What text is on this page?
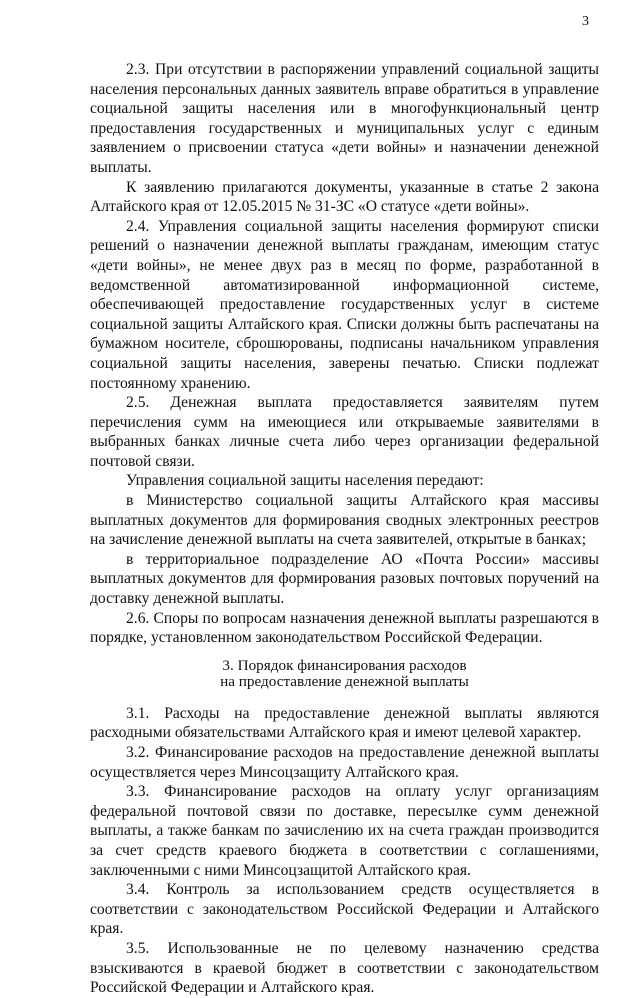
3

2.3. При отсутствии в распоряжении управлений социальной защиты населения персональных данных заявитель вправе обратиться в управление социальной защиты населения или в многофункциональный центр предоставления государственных и муниципальных услуг с единым заявлением о присвоении статуса «дети войны» и назначении денежной выплаты.

К заявлению прилагаются документы, указанные в статье 2 закона Алтайского края от 12.05.2015 № 31-ЗС «О статусе «дети войны».

2.4. Управления социальной защиты населения формируют списки решений о назначении денежной выплаты гражданам, имеющим статус «дети войны», не менее двух раз в месяц по форме, разработанной в ведомственной автоматизированной информационной системе, обеспечивающей предоставление государственных услуг в системе социальной защиты Алтайского края. Списки должны быть распечатаны на бумажном носителе, сброшюрованы, подписаны начальником управления социальной защиты населения, заверены печатью. Списки подлежат постоянному хранению.

2.5. Денежная выплата предоставляется заявителям путем перечисления сумм на имеющиеся или открываемые заявителями в выбранных банках личные счета либо через организации федеральной почтовой связи.

Управления социальной защиты населения передают:

в Министерство социальной защиты Алтайского края массивы выплатных документов для формирования сводных электронных реестров на зачисление денежной выплаты на счета заявителей, открытые в банках;

в территориальное подразделение АО «Почта России» массивы выплатных документов для формирования разовых почтовых поручений на доставку денежной выплаты.

2.6. Споры по вопросам назначения денежной выплаты разрешаются в порядке, установленном законодательством Российской Федерации.

3. Порядок финансирования расходов
на предоставление денежной выплаты

3.1. Расходы на предоставление денежной выплаты являются расходными обязательствами Алтайского края и имеют целевой характер.

3.2. Финансирование расходов на предоставление денежной выплаты осуществляется через Минсоцзащиту Алтайского края.

3.3. Финансирование расходов на оплату услуг организациям федеральной почтовой связи по доставке, пересылке сумм денежной выплаты, а также банкам по зачислению их на счета граждан производится за счет средств краевого бюджета в соответствии с соглашениями, заключенными с ними Минсоцзащитой Алтайского края.

3.4. Контроль за использованием средств осуществляется в соответствии с законодательством Российской Федерации и Алтайского края.

3.5. Использованные не по целевому назначению средства взыскиваются в краевой бюджет в соответствии с законодательством Российской Федерации и Алтайского края.
